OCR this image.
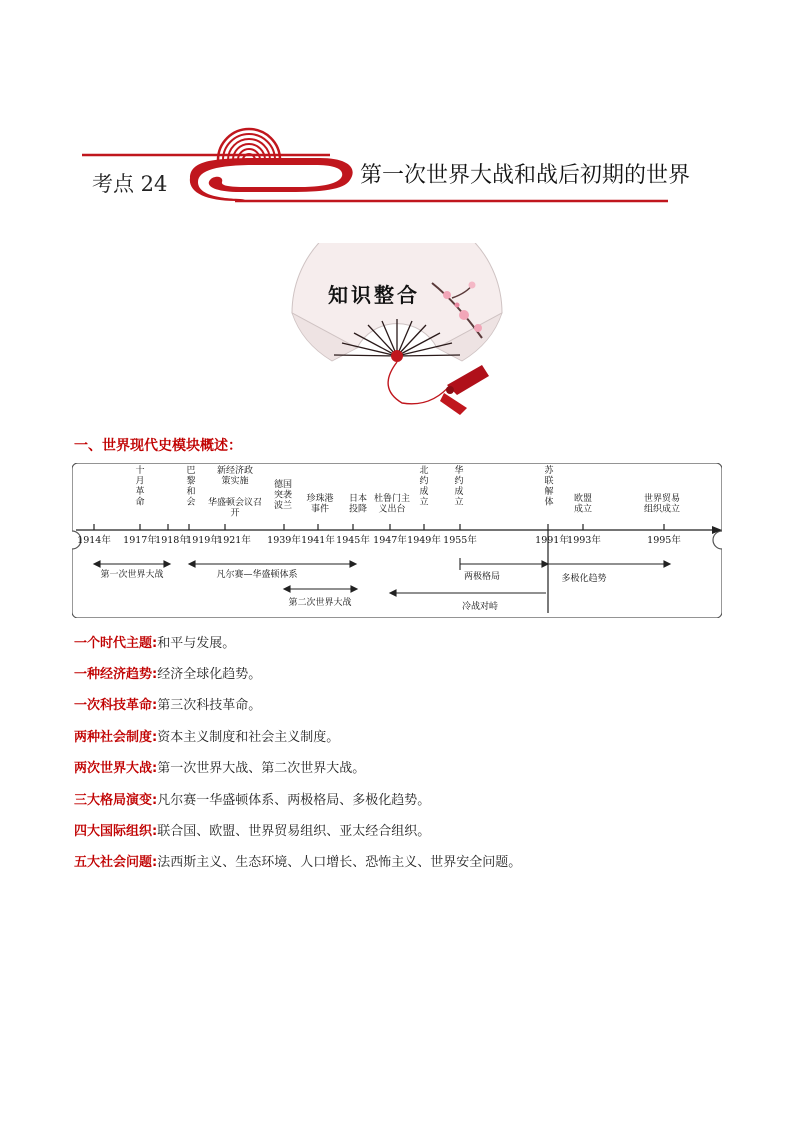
考点 24	第一次世界大战和战后初期的世界
知识整合
一、世界现代史模块概述：
1914年 1917年
1918年
1919年
1921年 1939年 1941年 1945年 1947年 1949年 1955年	1991年
1993年	1995年
十月革命
巴黎和会
新经济政策实施
华盛顿会议召开
德国突袭波兰
珍珠港事件
日本投降
杜鲁门主义出台
北约成立
华约成立
苏联解体 欧盟成立
世界贸易组织成立
第一次世界大战	凡尔赛—华盛顿体系
第二次世界大战
两极格局	多极化趋势
冷战对峙
一个时代主题:和平与发展。
一种经济趋势:经济全球化趋势。
一次科技革命:第三次科技革命。
两种社会制度:资本主义制度和社会主义制度。
两次世界大战:第一次世界大战、第二次世界大战。
三大格局演变:凡尔赛一华盛顿体系、两极格局、多极化趋势。
四大国际组织:联合国、欧盟、世界贸易组织、亚太经合组织。
五大社会问题:法西斯主义、生态环境、人口增长、恐怖主义、世界安全问题。
